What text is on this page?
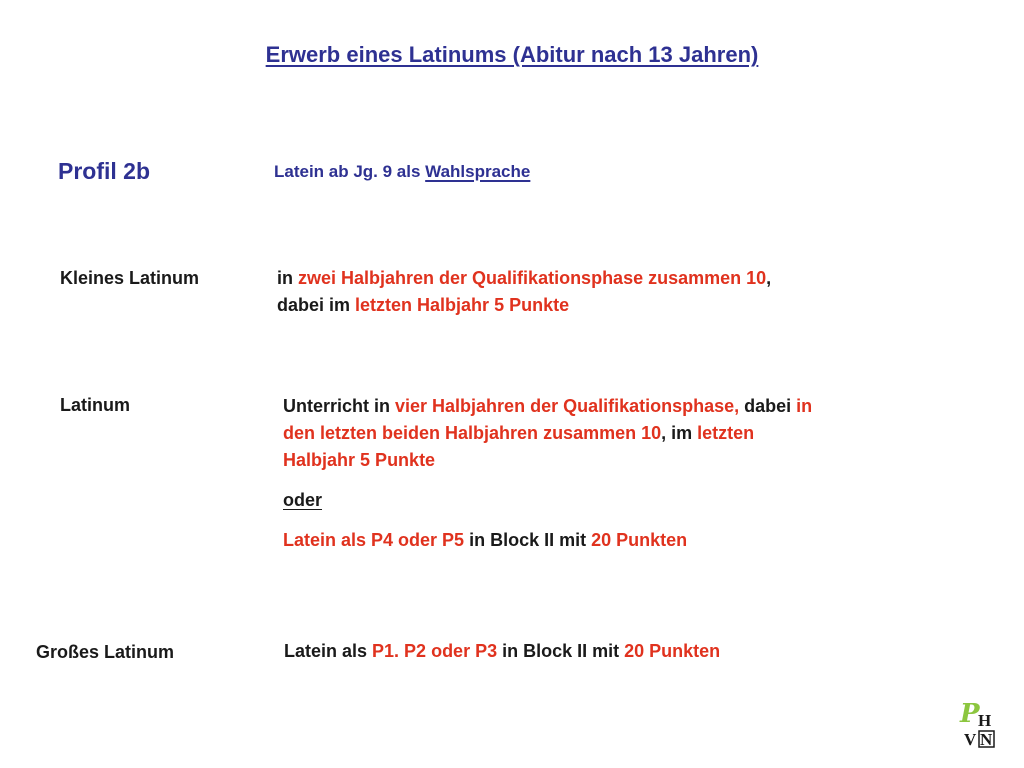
Erwerb eines Latinums (Abitur nach 13 Jahren)
Profil 2b	Latein ab Jg. 9 als Wahlsprache
Kleines Latinum	in zwei Halbjahren der Qualifikationsphase zusammen 10,
dabei im letzten Halbjahr 5 Punkte
Latinum	Unterricht in vier Halbjahren der Qualifikationsphase, dabei in
den letzten beiden Halbjahren zusammen 10, im letzten
Halbjahr 5 Punkte
oder
Latein als P4 oder P5 in Block II mit 20 Punkten
Großes Latinum	Latein als P1. P2 oder P3 in Block II mit 20 Punkten
P
H
V N
